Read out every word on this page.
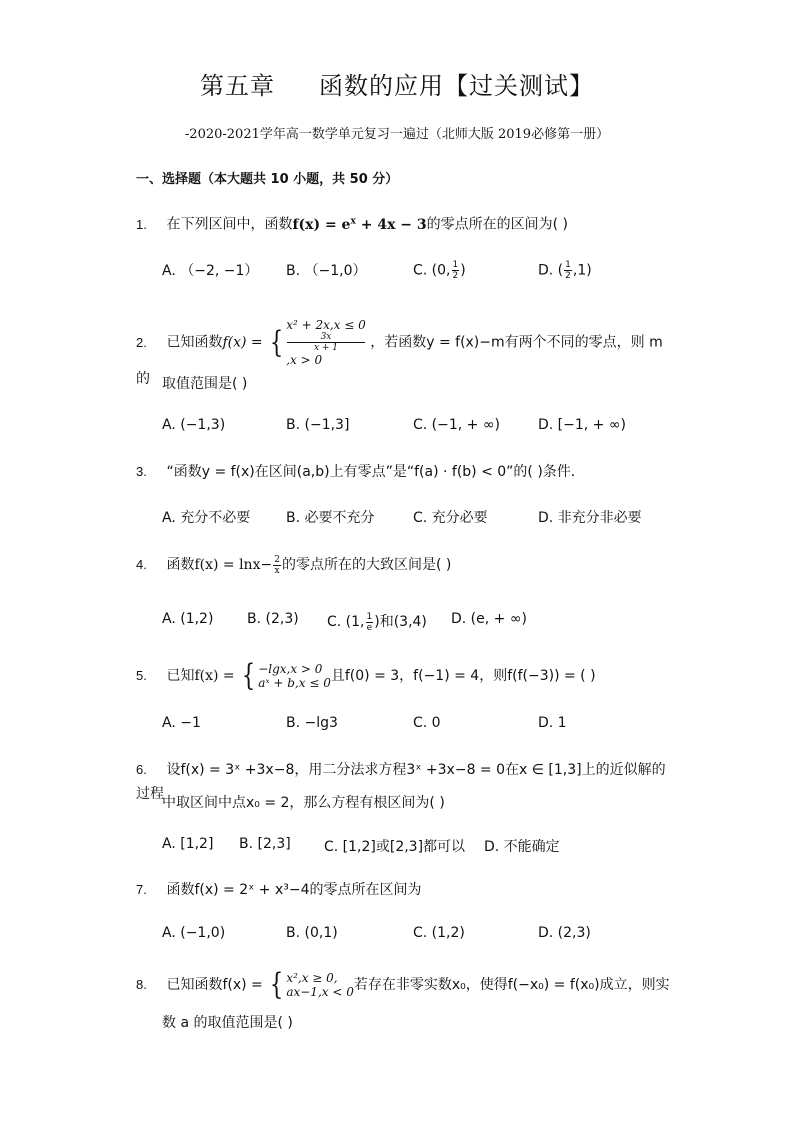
第五章 函数的应用【过关测试】
-2020-2021学年高一数学单元复习一遍过（北师大版 2019必修第一册）
一、选择题（本大题共 10 小题，共 50 分）
1. 在下列区间中，函数$f(x) = e^x + 4x - 3$的零点所在的区间为( )
A. （−2, −1） B. （−1,0）	C. (0, $\frac{1}{2}$ )	D. ( $\frac{1}{2} ,1$)
2. 已知函数f(x) = { x² + 2x,x ≤ 0
3x
x + 1
,x > 0
，若函数y = f(x)−m有两个不同的零点，则 m 的 取值范围是( )
A. (−1,3)	B. (−1,3]	C. (−1, + ∞)	D. [−1, + ∞)
3. “函数y = f(x)在区间(a,b)上有零点”是“f(a) · f(b) < 0”的( )条件．
A. 充分不必要	B. 必要不充分	C. 充分必要	D. 非充分非必要
4. 函数$f(x) = \ln x- \frac{2}{x}$ 的零点所在的大致区间是( )
A. (1,2) B. (2,3) C. (1, $\frac{1}{e}$ )和(3,4) D. (e, + ∞)
5. 已知f(x) = { −lgx,x > 0
aˣ + b,x ≤ 0 且f(0) = 3，f(−1) = 4，则f(f(−3)) = ( )
A. −1	B. −lg3	C. 0	D. 1
6. 设f(x) = 3ˣ +3x−8，用二分法求方程3ˣ +3x−8 = 0在x ∈ [1,3]上的近似解的过程
中取区间中点x₀ = 2，那么方程有根区间为( )
A. [1,2] B. [2,3] C. [1,2]或[2,3]都可以 D. 不能确定
7. 函数f(x) = 2ˣ + x³−4的零点所在区间为
A. (−1,0)	B. (0,1)	C. (1,2)	D. (2,3)
8. 已知函数f(x) = { x²,x ≥ 0,
ax−1,x < 0 若存在非零实数x₀，使得f(−x₀) = f(x₀)成立，则实
数 a 的取值范围是( )
